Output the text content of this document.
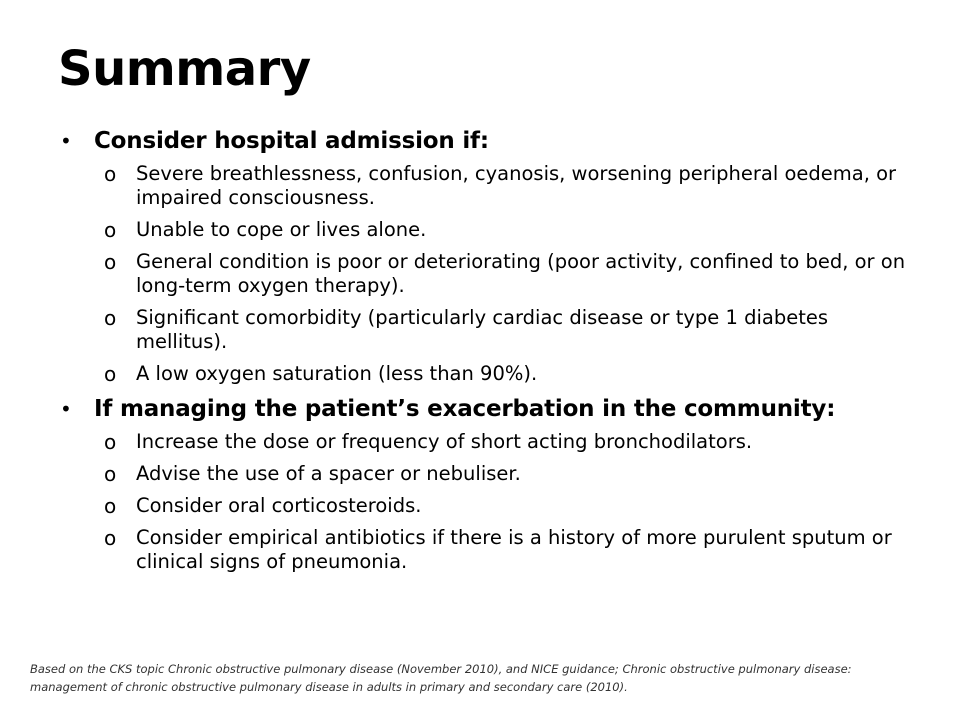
Summary
• Consider hospital admission if:
o Severe breathlessness, confusion, cyanosis, worsening peripheral oedema, or impaired consciousness.
o Unable to cope or lives alone.
o General condition is poor or deteriorating (poor activity, confined to bed, or on long-term oxygen therapy).
o Significant comorbidity (particularly cardiac disease or type 1 diabetes mellitus).
o A low oxygen saturation (less than 90%).
• If managing the patient’s exacerbation in the community:
o Increase the dose or frequency of short acting bronchodilators.
o Advise the use of a spacer or nebuliser.
o Consider oral corticosteroids.
o Consider empirical antibiotics if there is a history of more purulent sputum or clinical signs of pneumonia.
Based on the CKS topic Chronic obstructive pulmonary disease (November 2010), and NICE guidance; Chronic obstructive pulmonary disease: management of chronic obstructive pulmonary disease in adults in primary and secondary care (2010).
